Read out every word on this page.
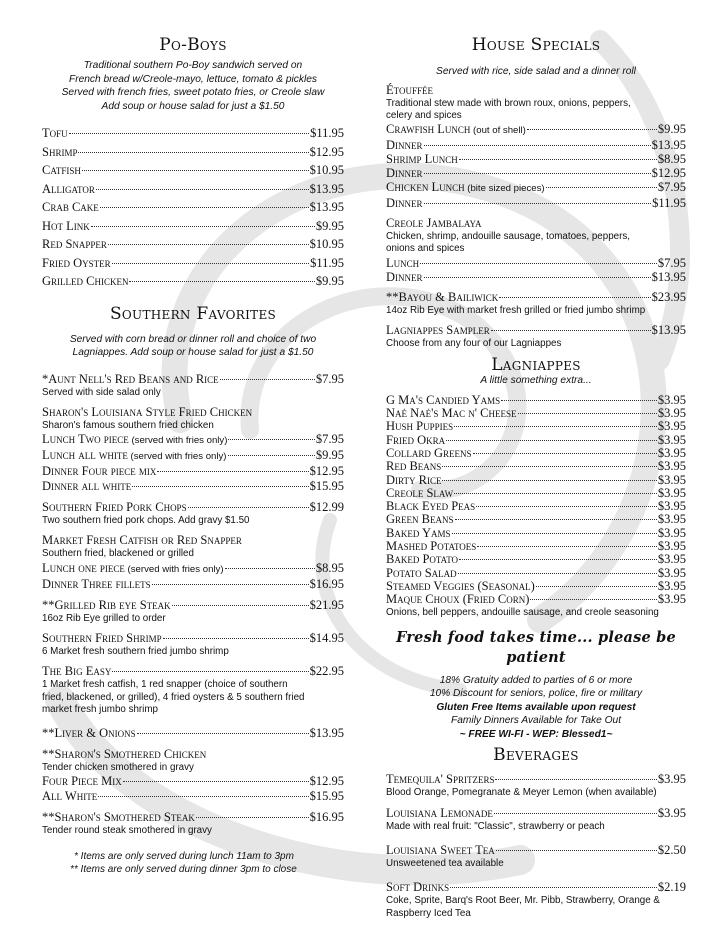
Po-Boys
Traditional southern Po-Boy sandwich served on
French bread w/Creole-mayo, lettuce, tomato & pickles
Served with french fries, sweet potato fries, or Creole slaw
Add soup or house salad for just a $1.50
Tofu	$11.95
Shrimp	$12.95
Catfish	$10.95
Alligator	$13.95
Crab Cake	$13.95
Hot Link	$9.95
Red Snapper	$10.95
Fried Oyster	$11.95
Grilled Chicken	$9.95
Southern Favorites
Served with corn bread or dinner roll and choice of two
Lagniappes. Add soup or house salad for just a $1.50
*Aunt Nell's Red Beans and Rice	$7.95
Served with side salad only
Sharon's Louisiana Style Fried Chicken
Sharon's famous southern fried chicken
Lunch Two piece (served with fries only)	$7.95
Lunch all white (served with fries only)	$9.95
Dinner Four piece mix	$12.95
Dinner all white	$15.95
Southern Fried Pork Chops	$12.99
Two southern fried pork chops. Add gravy $1.50
Market Fresh Catfish or Red Snapper
Southern fried, blackened or grilled
Lunch one piece (served with fries only)	$8.95
Dinner Three fillets	$16.95
**Grilled Rib eye Steak	$21.95
16oz Rib Eye grilled to order
Southern Fried Shrimp	$14.95
6 Market fresh southern fried jumbo shrimp
The Big Easy	$22.95
1 Market fresh catfish, 1 red snapper (choice of southern
fried, blackened, or grilled), 4 fried oysters & 5 southern fried
market fresh jumbo shrimp
**Liver & Onions	$13.95
**Sharon's Smothered Chicken
Tender chicken smothered in gravy
Four Piece Mix	$12.95
All White	$15.95
**Sharon's Smothered Steak	$16.95
Tender round steak smothered in gravy
* Items are only served during lunch 11am to 3pm
** Items are only served during dinner 3pm to close
House Specials
Served with rice, side salad and a dinner roll
Étouffée
Traditional stew made with brown roux, onions, peppers,
celery and spices
Crawfish Lunch (out of shell)	$9.95
Dinner	$13.95
Shrimp Lunch	$8.95
Dinner	$12.95
Chicken Lunch (bite sized pieces)	$7.95
Dinner	$11.95
Creole Jambalaya
Chicken, shrimp, andouille sausage, tomatoes, peppers,
onions and spices
Lunch	$7.95
Dinner	$13.95
**Bayou & Bailiwick	$23.95
14oz Rib Eye with market fresh grilled or fried jumbo shrimp
Lagniappes Sampler	$13.95
Choose from any four of our Lagniappes
Lagniappes
A little something extra...
G Ma's Candied Yams	$3.95
Naé Naé's Mac n' Cheese	$3.95
Hush Puppies	$3.95
Fried Okra	$3.95
Collard Greens	$3.95
Red Beans	$3.95
Dirty Rice	$3.95
Creole Slaw	$3.95
Black Eyed Peas	$3.95
Green Beans	$3.95
Baked Yams	$3.95
Mashed Potatoes	$3.95
Baked Potato	$3.95
Potato Salad	$3.95
Steamed Veggies (Seasonal)	$3.95
Maque Choux (Fried Corn)	$3.95
Onions, bell peppers, andouille sausage, and creole seasoning
Fresh food takes time... please be patient
18% Gratuity added to parties of 6 or more
10% Discount for seniors, police, fire or military
Gluten Free Items available upon request
Family Dinners Available for Take Out
~ FREE WI-FI - WEP: Blessed1~
Beverages
Temequila' Spritzers	$3.95
Blood Orange, Pomegranate & Meyer Lemon (when available)
Louisiana Lemonade	$3.95
Made with real fruit: "Classic", strawberry or peach
Louisiana Sweet Tea	$2.50
Unsweetened tea available
Soft Drinks	$2.19
Coke, Sprite, Barq's Root Beer, Mr. Pibb, Strawberry, Orange &
Raspberry Iced Tea
